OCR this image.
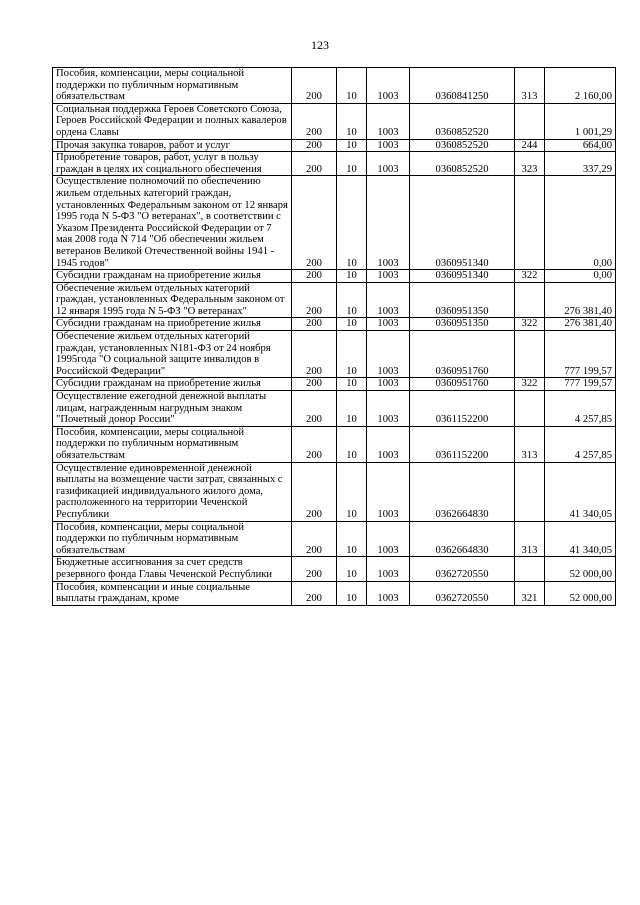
123
Пособия, компенсации, меры социальной поддержки по публичным нормативным обязательствам	200	10	1003	0360841250	313	2 160,00
Социальная поддержка Героев Советского Союза, Героев Российской Федерации и полных кавалеров ордена Славы	200	10	1003	0360852520		1 001,29
Прочая закупка товаров, работ и услуг	200	10	1003	0360852520	244	664,00
Приобретение товаров, работ, услуг в пользу граждан в целях их социального обеспечения	200	10	1003	0360852520	323	337,29
Осуществление полномочий по обеспечению жильем отдельных категорий граждан, установленных Федеральным законом от 12 января 1995 года N 5-ФЗ "О ветеранах", в соответствии с Указом Президента Российской Федерации от 7 мая 2008 года N 714 "Об обеспечении жильем ветеранов Великой Отечественной войны 1941 - 1945 годов"	200	10	1003	0360951340		0,00
Субсидии гражданам на приобретение жилья	200	10	1003	0360951340	322	0,00
Обеспечение жильем отдельных категорий граждан, установленных Федеральным законом от 12 января 1995 года N 5-ФЗ "О ветеранах"	200	10	1003	0360951350		276 381,40
Субсидии гражданам на приобретение жилья	200	10	1003	0360951350	322	276 381,40
Обеспечение жильем отдельных категорий граждан, установленных N181-ФЗ от 24 ноября 1995года "О социальной защите инвалидов в Российской Федерации"	200	10	1003	0360951760		777 199,57
Субсидии гражданам на приобретение жилья	200	10	1003	0360951760	322	777 199,57
Осуществление ежегодной денежной выплаты лицам, награжденным нагрудным знаком "Почетный донор России"	200	10	1003	0361152200		4 257,85
Пособия, компенсации, меры социальной поддержки по публичным нормативным обязательствам	200	10	1003	0361152200	313	4 257,85
Осуществление единовременной денежной выплаты на возмещение части затрат, связанных с газификацией индивидуального жилого дома, расположенного на территории Чеченской Республики	200	10	1003	0362664830		41 340,05
Пособия, компенсации, меры социальной поддержки по публичным нормативным обязательствам	200	10	1003	0362664830	313	41 340,05
Бюджетные ассигнования за счет средств резервного фонда Главы Чеченской Республики	200	10	1003	0362720550		52 000,00
Пособия, компенсации и иные социальные выплаты гражданам, кроме	200	10	1003	0362720550	321	52 000,00
